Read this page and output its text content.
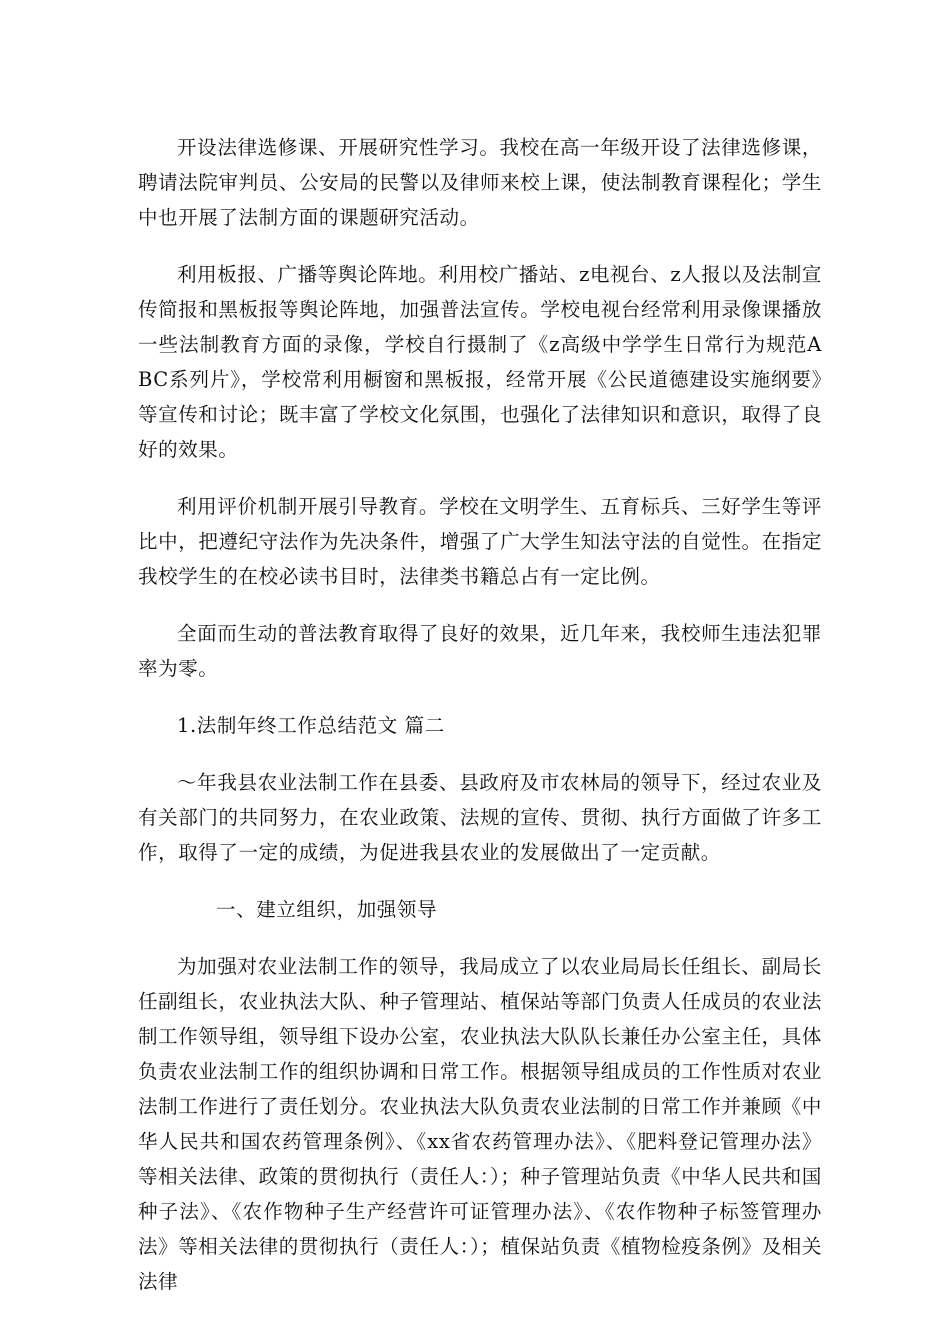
开设法律选修课、开展研究性学习。我校在高一年级开设了法律选修课，聘请法院审判员、公安局的民警以及律师来校上课，使法制教育课程化；学生中也开展了法制方面的课题研究活动。

利用板报、广播等舆论阵地。利用校广播站、z电视台、z人报以及法制宣传简报和黑板报等舆论阵地，加强普法宣传。学校电视台经常利用录像课播放一些法制教育方面的录像，学校自行摄制了《z高级中学学生日常行为规范ABC系列片》，学校常利用橱窗和黑板报，经常开展《公民道德建设实施纲要》等宣传和讨论；既丰富了学校文化氛围，也强化了法律知识和意识，取得了良好的效果。

利用评价机制开展引导教育。学校在文明学生、五育标兵、三好学生等评比中，把遵纪守法作为先决条件，增强了广大学生知法守法的自觉性。在指定我校学生的在校必读书目时，法律类书籍总占有一定比例。

全面而生动的普法教育取得了良好的效果，近几年来，我校师生违法犯罪率为零。

1.法制年终工作总结范文 篇二

～年我县农业法制工作在县委、县政府及市农林局的领导下，经过农业及有关部门的共同努力，在农业政策、法规的宣传、贯彻、执行方面做了许多工作，取得了一定的成绩，为促进我县农业的发展做出了一定贡献。

一、建立组织，加强领导

为加强对农业法制工作的领导，我局成立了以农业局局长任组长、副局长任副组长，农业执法大队、种子管理站、植保站等部门负责人任成员的农业法制工作领导组，领导组下设办公室，农业执法大队队长兼任办公室主任，具体负责农业法制工作的组织协调和日常工作。根据领导组成员的工作性质对农业法制工作进行了责任划分。农业执法大队负责农业法制的日常工作并兼顾《中华人民共和国农药管理条例》、《xx省农药管理办法》、《肥料登记管理办法》等相关法律、政策的贯彻执行（责任人：）；种子管理站负责《中华人民共和国种子法》、《农作物种子生产经营许可证管理办法》、《农作物种子标签管理办法》等相关法律的贯彻执行（责任人：）；植保站负责《植物检疫条例》及相关法律
